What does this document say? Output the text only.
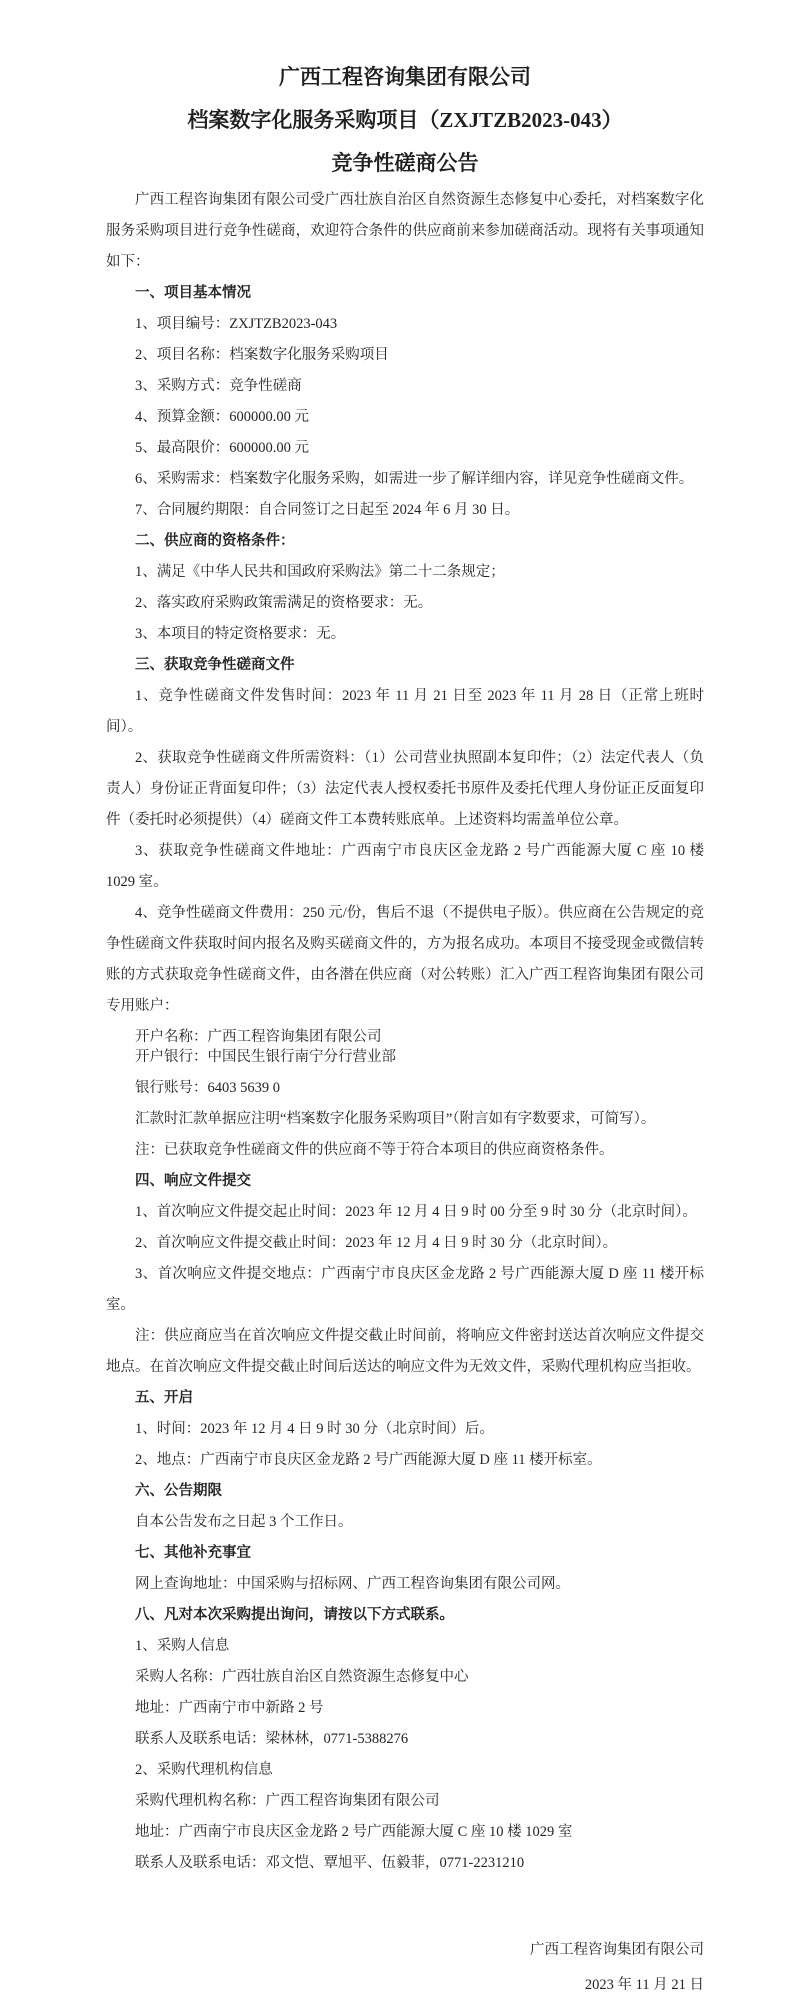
广西工程咨询集团有限公司
档案数字化服务采购项目（ZXJTZB2023-043）
竞争性磋商公告

广西工程咨询集团有限公司受广西壮族自治区自然资源生态修复中心委托，对档案数字化服务采购项目进行竞争性磋商，欢迎符合条件的供应商前来参加磋商活动。现将有关事项通知如下：

一、项目基本情况

1、项目编号：ZXJTZB2023-043

2、项目名称：档案数字化服务采购项目

3、采购方式：竞争性磋商

4、预算金额：600000.00 元

5、最高限价：600000.00 元

6、采购需求：档案数字化服务采购，如需进一步了解详细内容，详见竞争性磋商文件。

7、合同履约期限：自合同签订之日起至 2024 年 6 月 30 日。

二、供应商的资格条件：

1、满足《中华人民共和国政府采购法》第二十二条规定；

2、落实政府采购政策需满足的资格要求：无。

3、本项目的特定资格要求：无。

三、获取竞争性磋商文件

1、竞争性磋商文件发售时间：2023 年 11 月 21 日至 2023 年 11 月 28 日（正常上班时间）。

2、获取竞争性磋商文件所需资料：（1）公司营业执照副本复印件；（2）法定代表人（负责人）身份证正背面复印件；（3）法定代表人授权委托书原件及委托代理人身份证正反面复印件（委托时必须提供）（4）磋商文件工本费转账底单。上述资料均需盖单位公章。

3、获取竞争性磋商文件地址：广西南宁市良庆区金龙路 2 号广西能源大厦 C 座 10 楼 1029 室。

4、竞争性磋商文件费用：250 元/份，售后不退（不提供电子版）。供应商在公告规定的竞争性磋商文件获取时间内报名及购买磋商文件的，方为报名成功。本项目不接受现金或微信转账的方式获取竞争性磋商文件，由各潜在供应商（对公转账）汇入广西工程咨询集团有限公司专用账户：

开户名称：广西工程咨询集团有限公司

开户银行：中国民生银行南宁分行营业部

银行账号：6403 5639 0

汇款时汇款单据应注明“档案数字化服务采购项目”（附言如有字数要求，可简写）。

注：已获取竞争性磋商文件的供应商不等于符合本项目的供应商资格条件。

四、响应文件提交

1、首次响应文件提交起止时间：2023 年 12 月 4 日 9 时 00 分至 9 时 30 分（北京时间）。

2、首次响应文件提交截止时间：2023 年 12 月 4 日 9 时 30 分（北京时间）。

3、首次响应文件提交地点：广西南宁市良庆区金龙路 2 号广西能源大厦 D 座 11 楼开标室。

注：供应商应当在首次响应文件提交截止时间前，将响应文件密封送达首次响应文件提交地点。在首次响应文件提交截止时间后送达的响应文件为无效文件，采购代理机构应当拒收。

五、开启

1、时间：2023 年 12 月 4 日 9 时 30 分（北京时间）后。

2、地点：广西南宁市良庆区金龙路 2 号广西能源大厦 D 座 11 楼开标室。

六、公告期限

自本公告发布之日起 3 个工作日。

七、其他补充事宜

网上查询地址：中国采购与招标网、广西工程咨询集团有限公司网。

八、凡对本次采购提出询问，请按以下方式联系。

1、采购人信息

采购人名称：广西壮族自治区自然资源生态修复中心

地址：广西南宁市中新路 2 号

联系人及联系电话：梁林林，0771-5388276

2、采购代理机构信息

采购代理机构名称：广西工程咨询集团有限公司

地址：广西南宁市良庆区金龙路 2 号广西能源大厦 C 座 10 楼 1029 室

联系人及联系电话：邓文恺、覃旭平、伍毅菲，0771-2231210

广西工程咨询集团有限公司

2023 年 11 月 21 日
